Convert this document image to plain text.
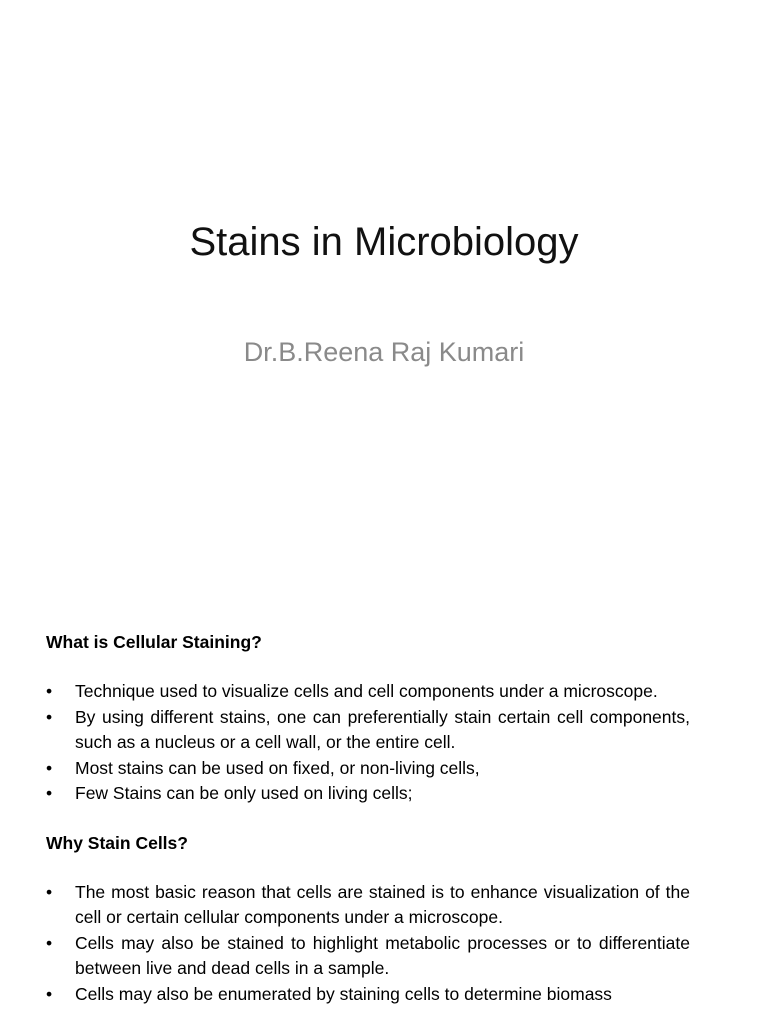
Stains in Microbiology
Dr.B.Reena Raj Kumari

What is Cellular Staining?

• Technique used to visualize cells and cell components under a microscope.
• By using different stains, one can preferentially stain certain cell components, such as a nucleus or a cell wall, or the entire cell.
• Most stains can be used on fixed, or non-living cells,
• Few Stains can be only used on living cells;

Why Stain Cells?

• The most basic reason that cells are stained is to enhance visualization of the cell or certain cellular components under a microscope.
• Cells may also be stained to highlight metabolic processes or to differentiate between live and dead cells in a sample.
• Cells may also be enumerated by staining cells to determine biomass
